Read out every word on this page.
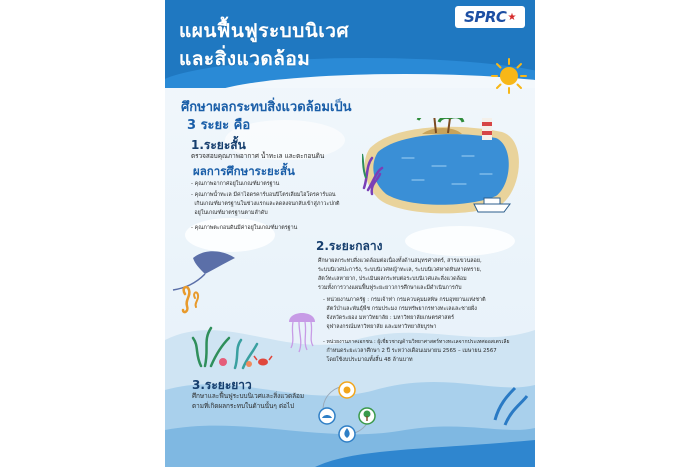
แผนฟื้นฟูระบบนิเวศ
และสิ่งแวดล้อม
SPRC ★
ศึกษาผลกระทบสิ่งแวดล้อมเป็น
3 ระยะ คือ
1.ระยะสั้น
ตรวจสอบคุณภาพอากาศ น้ำทะเล และตะกอนดิน
ผลการศึกษาระยะสั้น
- คุณภาพอากาศอยู่ในเกณฑ์มาตรฐาน
- คุณภาพน้ำทะเล มีค่าไฮดรคาร์บอนปิโตรเลียมไฮโดรคาร์บอน
เกินเกณฑ์มาตรฐานในช่วงแรกและลดลงจนกลับเข้าสู่ภาวะปกติ
อยู่ในเกณฑ์มาตรฐานตามลำดับ
- คุณภาพตะกอนดินมีค่าอยู่ในเกณฑ์มาตรฐาน
2.ระยะกลาง
ศึกษาผลกระทบสิ่งแวดล้อมต่อเนื่องทั้งด้านสมุทรศาสตร์, สารแขวนลอย,
ระบบนิเวศปะการัง, ระบบนิเวศหญ้าทะเล, ระบบนิเวศหาดหินหาดทราย,
สัตว์ทะเลหายาก, ประเมินผลกระทบต่อระบบนิเวศและสิ่งแวดล้อม
รวมทั้งการวางแผนฟื้นฟูระยะยาวการศึกษาและมีดำเนินการกับ
- หน่วยงานภาครัฐ : กรมเจ้าท่า กรมควบคุมมลพิษ กรมอุทยานแห่งชาติ
สัตว์ป่าและพันธุ์พืช กรมประมง กรมทรัพยากรทางทะเลและชายฝั่ง
จังหวัดระยอง มหาวิทยาลัย : มหาวิทยาลัยเกษตรศาสตร์
จุฬาลงกรณ์มหาวิทยาลัย และมหาวิทยาลัยบูรพา
- หน่วยงานภาคเอกชน : ผู้เชี่ยวชาญด้านวิทยาศาสตร์ทางทะเลจากประเทศออสเตรเลีย
กำหนดระยะเวลาศึกษา 2 ปี ระหว่างเดือนเมษายน 2565 – เมษายน 2567
โดยใช้งบประมาณทั้งสิ้น 48 ล้านบาท
3.ระยะยาว
ศึกษาและฟื้นฟูระบบนิเวศและสิ่งแวดล้อม
ตามที่เกิดผลกระทบในด้านนั้นๆ ต่อไป
